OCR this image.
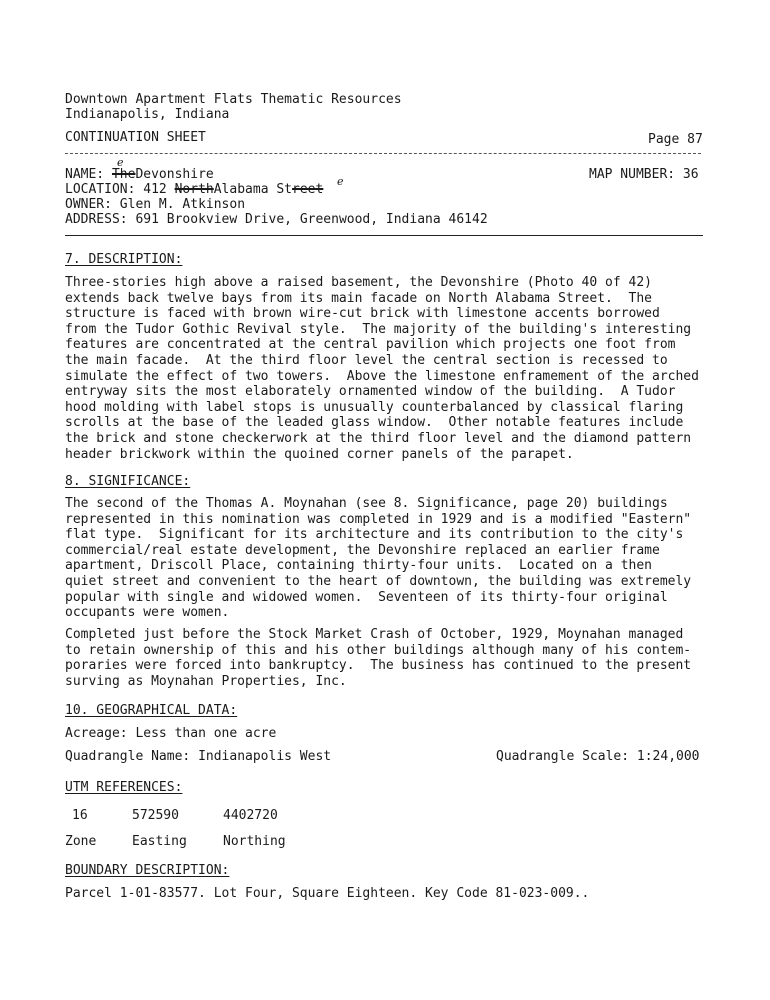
Downtown Apartment Flats Thematic Resources
Indianapolis, Indiana
CONTINUATION SHEET	Page 87
NAME: TheDevonshire
e
MAP NUMBER: 36
LOCATION: 412 NorthAlabama Street
e
OWNER: Glen M. Atkinson
ADDRESS: 691 Brookview Drive, Greenwood, Indiana 46142
7. DESCRIPTION:
Three-stories high above a raised basement, the Devonshire (Photo 40 of 42)
extends back twelve bays from its main facade on North Alabama Street.  The
structure is faced with brown wire-cut brick with limestone accents borrowed
from the Tudor Gothic Revival style.  The majority of the building's interesting
features are concentrated at the central pavilion which projects one foot from
the main facade.  At the third floor level the central section is recessed to
simulate the effect of two towers.  Above the limestone enframement of the arched
entryway sits the most elaborately ornamented window of the building.  A Tudor
hood molding with label stops is unusually counterbalanced by classical flaring
scrolls at the base of the leaded glass window.  Other notable features include
the brick and stone checkerwork at the third floor level and the diamond pattern
header brickwork within the quoined corner panels of the parapet.
8. SIGNIFICANCE:
The second of the Thomas A. Moynahan (see 8. Significance, page 20) buildings
represented in this nomination was completed in 1929 and is a modified "Eastern"
flat type.  Significant for its architecture and its contribution to the city's
commercial/real estate development, the Devonshire replaced an earlier frame
apartment, Driscoll Place, containing thirty-four units.  Located on a then
quiet street and convenient to the heart of downtown, the building was extremely
popular with single and widowed women.  Seventeen of its thirty-four original
occupants were women.
Completed just before the Stock Market Crash of October, 1929, Moynahan managed
to retain ownership of this and his other buildings although many of his contem-
poraries were forced into bankruptcy.  The business has continued to the present
surving as Moynahan Properties, Inc.
10. GEOGRAPHICAL DATA:
Acreage: Less than one acre
Quadrangle Name: Indianapolis West	Quadrangle Scale: 1:24,000
UTM REFERENCES:
16	572590	4402720
Zone	Easting	Northing
BOUNDARY DESCRIPTION:
Parcel 1-01-83577. Lot Four, Square Eighteen. Key Code 81-023-009..
